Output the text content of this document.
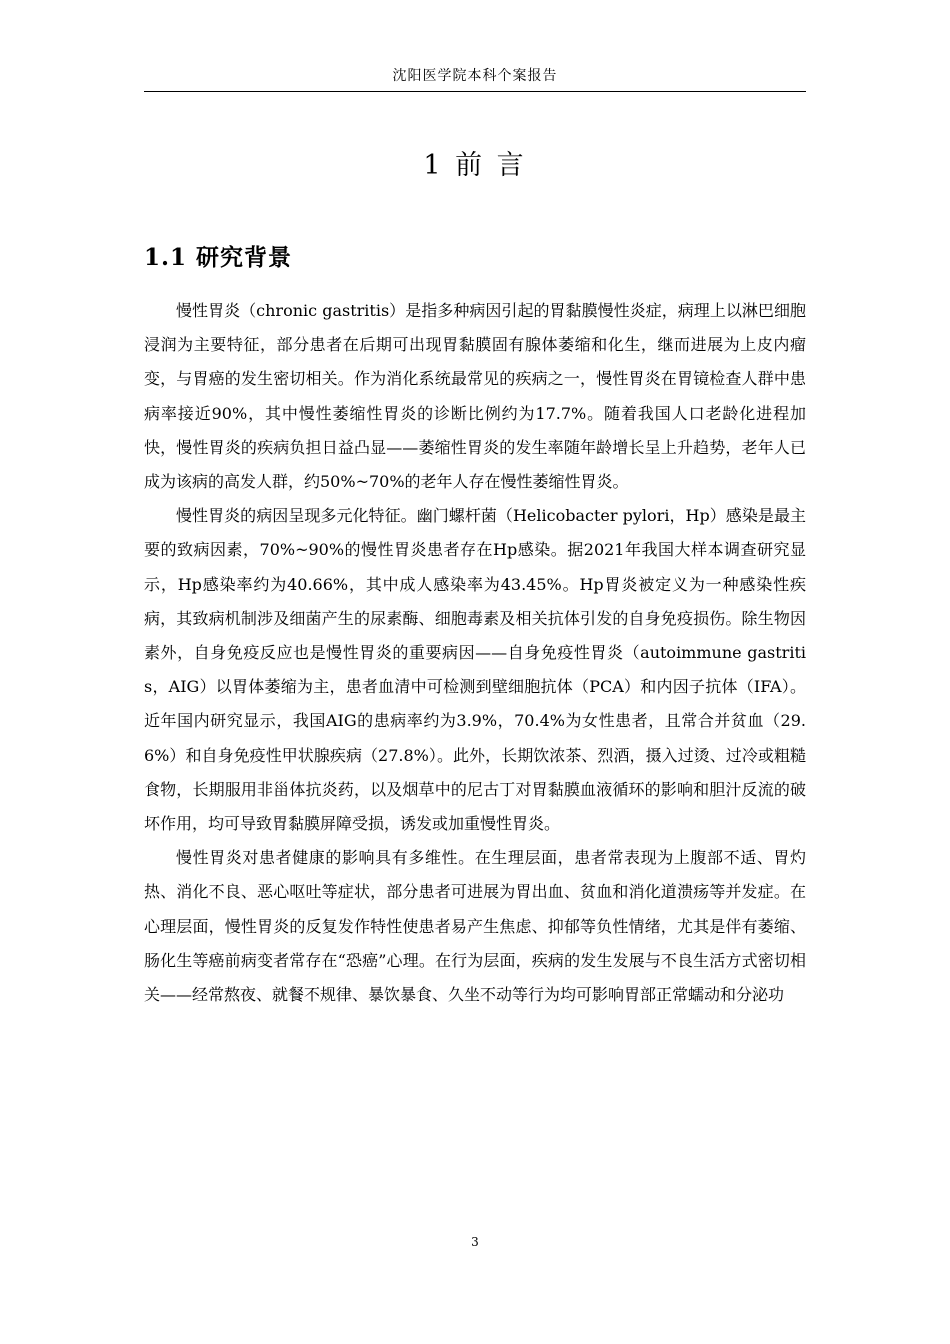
沈阳医学院本科个案报告
1 前 言
1.1 研究背景

慢性胃炎（chronic gastritis）是指多种病因引起的胃黏膜慢性炎症，病理上以淋巴细胞浸润为主要特征，部分患者在后期可出现胃黏膜固有腺体萎缩和化生，继而进展为上皮内瘤变，与胃癌的发生密切相关。作为消化系统最常见的疾病之一，慢性胃炎在胃镜检查人群中患病率接近90%，其中慢性萎缩性胃炎的诊断比例约为17.7%。随着我国人口老龄化进程加快，慢性胃炎的疾病负担日益凸显——萎缩性胃炎的发生率随年龄增长呈上升趋势，老年人已成为该病的高发人群，约50%~70%的老年人存在慢性萎缩性胃炎。

慢性胃炎的病因呈现多元化特征。幽门螺杆菌（Helicobacter pylori，Hp）感染是最主要的致病因素，70%~90%的慢性胃炎患者存在Hp感染。据2021年我国大样本调查研究显示，Hp感染率约为40.66%，其中成人感染率为43.45%。Hp胃炎被定义为一种感染性疾病，其致病机制涉及细菌产生的尿素酶、细胞毒素及相关抗体引发的自身免疫损伤。除生物因素外，自身免疫反应也是慢性胃炎的重要病因——自身免疫性胃炎（autoimmune gastritis，AIG）以胃体萎缩为主，患者血清中可检测到壁细胞抗体（PCA）和内因子抗体（IFA）。近年国内研究显示，我国AIG的患病率约为3.9%，70.4%为女性患者，且常合并贫血（29.6%）和自身免疫性甲状腺疾病（27.8%）。此外，长期饮浓茶、烈酒，摄入过烫、过冷或粗糙食物，长期服用非甾体抗炎药，以及烟草中的尼古丁对胃黏膜血液循环的影响和胆汁反流的破坏作用，均可导致胃黏膜屏障受损，诱发或加重慢性胃炎。

慢性胃炎对患者健康的影响具有多维性。在生理层面，患者常表现为上腹部不适、胃灼热、消化不良、恶心呕吐等症状，部分患者可进展为胃出血、贫血和消化道溃疡等并发症。在心理层面，慢性胃炎的反复发作特性使患者易产生焦虑、抑郁等负性情绪，尤其是伴有萎缩、肠化生等癌前病变者常存在“恐癌”心理。在行为层面，疾病的发生发展与不良生活方式密切相关——经常熬夜、就餐不规律、暴饮暴食、久坐不动等行为均可影响胃部正常蠕动和分泌功

3
